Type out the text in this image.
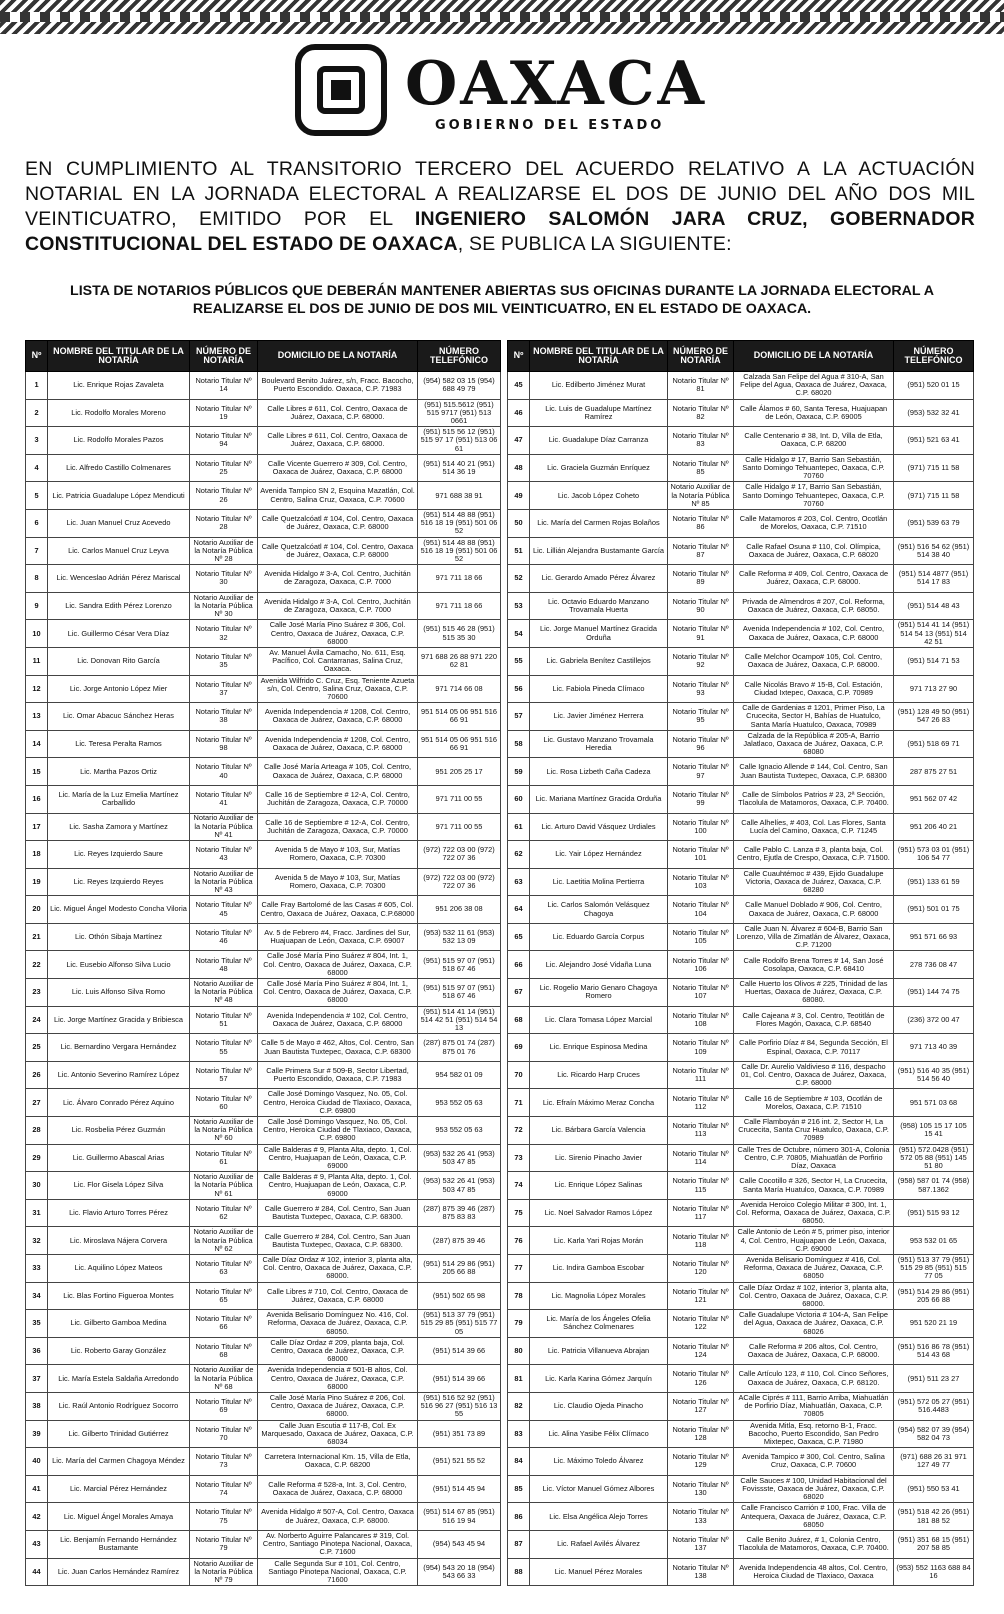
OAXACA
GOBIERNO DEL ESTADO
EN CUMPLIMIENTO AL TRANSITORIO TERCERO DEL ACUERDO RELATIVO A LA ACTUACIÓN NOTARIAL EN LA JORNADA ELECTORAL A REALIZARSE EL DOS DE JUNIO DEL AÑO DOS MIL VEINTICUATRO, EMITIDO POR EL INGENIERO SALOMÓN JARA CRUZ, GOBERNADOR CONSTITUCIONAL DEL ESTADO DE OAXACA, SE PUBLICA LA SIGUIENTE:
LISTA DE NOTARIOS PÚBLICOS QUE DEBERÁN MANTENER ABIERTAS SUS OFICINAS DURANTE LA JORNADA ELECTORAL A REALIZARSE EL DOS DE JUNIO DE DOS MIL VEINTICUATRO, EN EL ESTADO DE OAXACA.
Nº	NOMBRE DEL TITULAR DE LA NOTARÍA	NÚMERO DE NOTARÍA	DOMICILIO DE LA NOTARÍA	NÚMERO TELEFÓNICO
1	Lic. Enrique Rojas Zavaleta	Notario Titular Nº 14	Boulevard Benito Juárez, s/n, Fracc. Bacocho, Puerto Escondido. Oaxaca, C.P. 71983	(954) 582 03 15 (954) 688 49 79
2	Lic. Rodolfo Morales Moreno	Notario Titular Nº 19	Calle Libres # 611, Col. Centro, Oaxaca de Juárez, Oaxaca, C.P. 68000.	(951) 515.5612 (951) 515 9717 (951) 513 0661
3	Lic. Rodolfo Morales Pazos	Notario Titular Nº 94	Calle Libres # 611, Col. Centro, Oaxaca de Juárez, Oaxaca, C.P. 68000.	(951) 515 56 12 (951) 515 97 17 (951) 513 06 61
4	Lic. Alfredo Castillo Colmenares	Notario Titular Nº 25	Calle Vicente Guerrero # 309, Col. Centro, Oaxaca de Juárez, Oaxaca, C.P. 68000	(951) 514 40 21 (951) 514 36 19
5	Lic. Patricia Guadalupe López Mendicuti	Notario Titular Nº 26	Avenida Tampico SN 2, Esquina Mazatlán, Col. Centro, Salina Cruz, Oaxaca, C.P. 70600	971 688 38 91
6	Lic. Juan Manuel Cruz Acevedo	Notario Titular Nº 28	Calle Quetzalcóatl # 104, Col. Centro, Oaxaca de Juárez, Oaxaca, C.P. 68000	(951) 514 48 88 (951) 516 18 19 (951) 501 06 52
7	Lic. Carlos Manuel Cruz Leyva	Notario Auxiliar de la Notaría Pública Nº 28	Calle Quetzalcóatl # 104, Col. Centro, Oaxaca de Juárez, Oaxaca, C.P. 68000	(951) 514 48 88 (951) 516 18 19 (951) 501 06 52
8	Lic. Wenceslao Adrián Pérez Mariscal	Notario Titular Nº 30	Avenida Hidalgo # 3-A, Col. Centro, Juchitán de Zaragoza, Oaxaca, C.P. 7000	971 711 18 66
9	Lic. Sandra Edith Pérez Lorenzo	Notario Auxiliar de la Notaría Pública Nº 30	Avenida Hidalgo # 3-A, Col. Centro, Juchitán de Zaragoza, Oaxaca, C.P. 7000	971 711 18 66
10	Lic. Guillermo César Vera Díaz	Notario Titular Nº 32	Calle José María Pino Suárez # 306, Col. Centro, Oaxaca de Juárez, Oaxaca, C.P. 68000	(951) 515 46 28 (951) 515 35 30
11	Lic. Donovan Rito García	Notario Titular Nº 35	Av. Manuel Ávila Camacho, No. 611, Esq. Pacífico, Col. Cantarranas, Salina Cruz, Oaxaca.	971 688 26 88 971 220 62 81
12	Lic. Jorge Antonio López Mier	Notario Titular Nº 37	Avenida Wilfrido C. Cruz, Esq. Teniente Azueta s/n, Col. Centro, Salina Cruz, Oaxaca, C.P. 70600	971 714 66 08
13	Lic. Omar Abacuc Sánchez Heras	Notario Titular Nº 38	Avenida Independencia # 1208, Col. Centro, Oaxaca de Juárez, Oaxaca, C.P. 68000	951 514 05 06 951 516 66 91
14	Lic. Teresa Peralta Ramos	Notario Titular Nº 98	Avenida Independencia # 1208, Col. Centro, Oaxaca de Juárez, Oaxaca, C.P. 68000	951 514 05 06 951 516 66 91
15	Lic. Martha Pazos Ortiz	Notario Titular Nº 40	Calle José María Arteaga # 105, Col. Centro, Oaxaca de Juárez, Oaxaca, C.P. 68000	951 205 25 17
16	Lic. María de la Luz Emelia Martínez Carballido	Notario Titular Nº 41	Calle 16 de Septiembre # 12-A, Col. Centro, Juchitán de Zaragoza, Oaxaca, C.P. 70000	971 711 00 55
17	Lic. Sasha Zamora y Martínez	Notario Auxiliar de la Notaría Pública Nº 41	Calle 16 de Septiembre # 12-A, Col. Centro, Juchitán de Zaragoza, Oaxaca, C.P. 70000	971 711 00 55
18	Lic. Reyes Izquierdo Saure	Notario Titular Nº 43	Avenida 5 de Mayo # 103, Sur, Matías Romero, Oaxaca, C.P. 70300	(972) 722 03 00 (972) 722 07 36
19	Lic. Reyes Izquierdo Reyes	Notario Auxiliar de la Notaría Pública Nº 43	Avenida 5 de Mayo # 103, Sur, Matías Romero, Oaxaca, C.P. 70300	(972) 722 03 00 (972) 722 07 36
20	Lic. Miguel Ángel Modesto Concha Viloria	Notario Titular Nº 45	Calle Fray Bartolomé de las Casas # 605, Col. Centro, Oaxaca de Juárez, Oaxaca, C.P.68000	951 206 38 08
21	Lic. Othón Sibaja Martínez	Notario Titular Nº 46	Av. 5 de Febrero #4, Fracc. Jardines del Sur, Huajuapan de León, Oaxaca, C.P. 69007	(953) 532 11 61 (953) 532 13 09
22	Lic. Eusebio Alfonso Silva Lucio	Notario Titular Nº 48	Calle José María Pino Suárez # 804, Int. 1, Col. Centro, Oaxaca de Juárez, Oaxaca, C.P. 68000	(951) 515 97 07 (951) 518 67 46
23	Lic. Luis Alfonso Silva Romo	Notario Auxiliar de la Notaría Pública Nº 48	Calle José María Pino Suárez # 804, Int. 1, Col. Centro, Oaxaca de Juárez, Oaxaca, C.P. 68000	(951) 515 97 07 (951) 518 67 46
24	Lic. Jorge Martínez Gracida y Bribiesca	Notario Titular Nº 51	Avenida Independencia # 102, Col. Centro, Oaxaca de Juárez, Oaxaca, C.P. 68000	(951) 514 41 14 (951) 514 42 51 (951) 514 54 13
25	Lic. Bernardino Vergara Hernández	Notario Titular Nº 55	Calle 5 de Mayo # 462, Altos, Col. Centro, San Juan Bautista Tuxtepec, Oaxaca, C.P. 68300	(287) 875 01 74 (287) 875 01 76
26	Lic. Antonio Severino Ramírez López	Notario Titular Nº 57	Calle Primera Sur # 509-B, Sector Libertad, Puerto Escondido, Oaxaca, C.P. 71983	954 582 01 09
27	Lic. Álvaro Conrado Pérez Aquino	Notario Titular Nº 60	Calle José Domingo Vasquez, No. 05, Col. Centro, Heroica Ciudad de Tlaxiaco, Oaxaca, C.P. 69800	953 552 05 63
28	Lic. Rosbelia Pérez Guzmán	Notario Auxiliar de la Notaría Pública Nº 60	Calle José Domingo Vasquez, No. 05, Col. Centro, Heroica Ciudad de Tlaxiaco, Oaxaca, C.P. 69800	953 552 05 63
29	Lic. Guillermo Abascal Arias	Notario Titular Nº 61	Calle Balderas # 9, Planta Alta, depto. 1, Col. Centro, Huajuapan de León, Oaxaca, C.P. 69000	(953) 532 26 41 (953) 503 47 85
30	Lic. Flor Gisela López Silva	Notario Auxiliar de la Notaría Pública Nº 61	Calle Balderas # 9, Planta Alta, depto. 1, Col. Centro, Huajuapan de León, Oaxaca, C.P. 69000	(953) 532 26 41 (953) 503 47 85
31	Lic. Flavio Arturo Torres Pérez	Notario Titular Nº 62	Calle Guerrero # 284, Col. Centro, San Juan Bautista Tuxtepec, Oaxaca, C.P. 68300.	(287) 875 39 46 (287) 875 83 83
32	Lic. Miroslava Nájera Corvera	Notario Auxiliar de la Notaría Pública Nº 62	Calle Guerrero # 284, Col. Centro, San Juan Bautista Tuxtepec, Oaxaca, C.P. 68300.	(287) 875 39 46
33	Lic. Aquilino López Mateos	Notario Titular Nº 63	Calle Díaz Ordaz # 102, interior 3, planta alta, Col. Centro, Oaxaca de Juárez, Oaxaca, C.P. 68000.	(951) 514 29 86 (951) 205 66 88
34	Lic. Blas Fortino Figueroa Montes	Notario Titular Nº 65	Calle Libres # 710, Col. Centro, Oaxaca de Juárez, Oaxaca, C.P. 68000	(951) 502 65 98
35	Lic. Gilberto Gamboa Medina	Notario Titular Nº 66	Avenida Belisario Domínguez No. 416, Col. Reforma, Oaxaca de Juárez, Oaxaca, C.P. 68050.	(951) 513 37 79 (951) 515 29 85 (951) 515 77 05
36	Lic. Roberto Garay González	Notario Titular Nº 68	Calle Díaz Ordaz # 209, planta baja, Col. Centro, Oaxaca de Juárez, Oaxaca, C.P. 68000	(951) 514 39 66
37	Lic. María Estela Saldaña Arredondo	Notario Auxiliar de la Notaría Pública Nº 68	Avenida Independencia # 501-B altos, Col. Centro, Oaxaca de Juárez, Oaxaca, C.P. 68000	(951) 514 39 66
38	Lic. Raúl Antonio Rodríguez Socorro	Notario Titular Nº 69	Calle José María Pino Suárez # 206, Col. Centro, Oaxaca de Juárez, Oaxaca, C.P. 68000.	(951) 516 52 92 (951) 516 96 27 (951) 516 13 55
39	Lic. Gilberto Trinidad Gutiérrez	Notario Titular Nº 70	Calle Juan Escutia # 117-B, Col. Ex Marquesado, Oaxaca de Juárez, Oaxaca, C.P. 68034	(951) 351 73 89
40	Lic. María del Carmen Chagoya Méndez	Notario Titular Nº 73	Carretera Internacional Km. 15, Villa de Etla, Oaxaca, C.P. 68200	(951) 521 55 52
41	Lic. Marcial Pérez Hernández	Notario Titular Nº 74	Calle Reforma # 528-a, Int. 3, Col. Centro, Oaxaca de Juárez, Oaxaca, C.P. 68000	(951) 514 45 94
42	Lic. Miguel Ángel Morales Amaya	Notario Titular Nº 75	Avenida Hidalgo # 507-A, Col. Centro, Oaxaca de Juárez, Oaxaca, C.P. 68000.	(951) 514 67 85 (951) 516 19 94
43	Lic. Benjamín Fernando Hernández Bustamante	Notario Titular Nº 79	Av. Norberto Aguirre Palancares # 319, Col. Centro, Santiago Pinotepa Nacional, Oaxaca, C.P. 71600	(954) 543 45 94
44	Lic. Juan Carlos Hernández Ramírez	Notario Auxiliar de la Notaría Pública Nº 79	Calle Segunda Sur # 101, Col. Centro, Santiago Pinotepa Nacional, Oaxaca, C.P. 71600	(954) 543 20 18 (954) 543 66 33
Nº	NOMBRE DEL TITULAR DE LA NOTARÍA	NÚMERO DE NOTARÍA	DOMICILIO DE LA NOTARÍA	NÚMERO TELEFÓNICO
45	Lic. Edilberto Jiménez Murat	Notario Titular Nº 81	Calzada San Felipe del Agua # 310-A, San Felipe del Agua, Oaxaca de Juárez, Oaxaca, C.P. 68020	(951) 520 01 15
46	Lic. Luis de Guadalupe Martínez Ramírez	Notario Titular Nº 82	Calle Álamos # 60, Santa Teresa, Huajuapan de León, Oaxaca, C.P. 69005	(953) 532 32 41
47	Lic. Guadalupe Díaz Carranza	Notario Titular Nº 83	Calle Centenario # 38, Int. D, Villa de Etla, Oaxaca, C.P. 68200	(951) 521 63 41
48	Lic. Graciela Guzmán Enríquez	Notario Titular Nº 85	Calle Hidalgo # 17, Barrio San Sebastián, Santo Domingo Tehuantepec, Oaxaca, C.P. 70760	(971) 715 11 58
49	Lic. Jacob López Coheto	Notario Auxiliar de la Notaría Pública Nº 85	Calle Hidalgo # 17, Barrio San Sebastián, Santo Domingo Tehuantepec, Oaxaca, C.P. 70760	(971) 715 11 58
50	Lic. María del Carmen Rojas Bolaños	Notario Titular Nº 86	Calle Matamoros # 203, Col. Centro, Ocotlán de Morelos, Oaxaca, C.P. 71510	(951) 539 63 79
51	Lic. Lillián Alejandra Bustamante García	Notario Titular Nº 87	Calle Rafael Osuna # 110, Col. Olímpica, Oaxaca de Juárez, Oaxaca, C.P. 68020	(951) 516 54 62 (951) 514 38 40
52	Lic. Gerardo Amado Pérez Álvarez	Notario Titular Nº 89	Calle Reforma # 409, Col. Centro, Oaxaca de Juárez, Oaxaca, C.P. 68000.	(951) 514 4877 (951) 514 17 83
53	Lic. Octavio Eduardo Manzano Trovamala Huerta	Notario Titular Nº 90	Privada de Almendros # 207, Col. Reforma, Oaxaca de Juárez, Oaxaca, C.P. 68050.	(951) 514 48 43
54	Lic. Jorge Manuel Martínez Gracida Orduña	Notario Titular Nº 91	Avenida Independencia # 102, Col. Centro, Oaxaca de Juárez, Oaxaca, C.P. 68000	(951) 514 41 14 (951) 514 54 13 (951) 514 42 51
55	Lic. Gabriela Benítez Castillejos	Notario Titular Nº 92	Calle Melchor Ocampo# 105, Col. Centro, Oaxaca de Juárez, Oaxaca, C.P. 68000.	(951) 514 71 53
56	Lic. Fabiola Pineda Clímaco	Notario Titular Nº 93	Calle Nicolás Bravo # 15-B, Col. Estación, Ciudad Ixtepec, Oaxaca, C.P. 70989	971 713 27 90
57	Lic. Javier Jiménez Herrera	Notario Titular Nº 95	Calle de Gardenias # 1201, Primer Piso, La Crucecita, Sector H, Bahías de Huatulco, Santa María Huatulco, Oaxaca, 70989	(951) 128 49 50 (951) 547 26 83
58	Lic. Gustavo Manzano Trovamala Heredia	Notario Titular Nº 96	Calzada de la República # 205-A, Barrio Jalatlaco, Oaxaca de Juárez, Oaxaca, C.P. 68080	(951) 518 69 71
59	Lic. Rosa Lizbeth Caña Cadeza	Notario Titular Nº 97	Calle Ignacio Allende # 144, Col. Centro, San Juan Bautista Tuxtepec, Oaxaca, C.P. 68300	287 875 27 51
60	Lic. Mariana Martínez Gracida Orduña	Notario Titular Nº 99	Calle de Símbolos Patrios # 23, 2ª Sección, Tlacolula de Matamoros, Oaxaca, C.P. 70400.	951 562 07 42
61	Lic. Arturo David Vásquez Urdiales	Notario Titular Nº 100	Calle Alhelíes, # 403, Col. Las Flores, Santa Lucía del Camino, Oaxaca, C.P. 71245	951 206 40 21
62	Lic. Yair López Hernández	Notario Titular Nº 101	Calle Pablo C. Lanza # 3, planta baja, Col. Centro, Ejutla de Crespo, Oaxaca, C.P. 71500.	(951) 573 03 01 (951) 106 54 77
63	Lic. Laetitia Molina Pertierra	Notario Titular Nº 103	Calle Cuauhtémoc # 439, Ejido Guadalupe Victoria, Oaxaca de Juárez, Oaxaca, C.P. 68280	(951) 133 61 59
64	Lic. Carlos Salomón Velásquez Chagoya	Notario Titular Nº 104	Calle Manuel Doblado # 906, Col. Centro, Oaxaca de Juárez, Oaxaca, C.P. 68000	(951) 501 01 75
65	Lic. Eduardo García Corpus	Notario Titular Nº 105	Calle Juan N. Álvarez # 604-B, Barrio San Lorenzo, Villa de Zimatlán de Álvarez, Oaxaca, C.P. 71200	951 571 66 93
66	Lic. Alejandro José Vidaña Luna	Notario Titular Nº 106	Calle Rodolfo Brena Torres # 14, San José Cosolapa, Oaxaca, C.P. 68410	278 736 08 47
67	Lic. Rogelio Mario Genaro Chagoya Romero	Notario Titular Nº 107	Calle Huerto los Olivos # 225, Trinidad de las Huertas, Oaxaca de Juárez, Oaxaca, C.P. 68080.	(951) 144 74 75
68	Lic. Clara Tomasa López Marcial	Notario Titular Nº 108	Calle Cajeana # 3, Col. Centro, Teotitlán de Flores Magón, Oaxaca, C.P. 68540	(236) 372 00 47
69	Lic. Enrique Espinosa Medina	Notario Titular Nº 109	Calle Porfirio Díaz # 84, Segunda Sección, El Espinal, Oaxaca, C.P. 70117	971 713 40 39
70	Lic. Ricardo Harp Cruces	Notario Titular Nº 111	Calle Dr. Aurelio Valdivieso # 116, despacho 01, Col. Centro, Oaxaca de Juárez, Oaxaca, C.P. 68000	(951) 516 40 35 (951) 514 56 40
71	Lic. Efraín Máximo Meraz Concha	Notario Titular Nº 112	Calle 16 de Septiembre # 103, Ocotlán de Morelos, Oaxaca, C.P. 71510	951 571 03 68
72	Lic. Bárbara García Valencia	Notario Titular Nº 113	Calle Flamboyán # 216 int. 2, Sector H, La Crucecita, Santa Cruz Huatulco, Oaxaca, C.P. 70989	(958) 105 15 17 105 15 41
73	Lic. Sirenio Pinacho Javier	Notario Titular Nº 114	Calle Tres de Octubre, número 301-A, Colonia Centro, C.P. 70805, Miahuatlán de Porfirio Díaz, Oaxaca	(951) 572.0428 (951) 572 05 88 (951) 145 51 80
74	Lic. Enrique López Salinas	Notario Titular Nº 115	Calle Cocotillo # 326, Sector H, La Crucecita, Santa María Huatulco, Oaxaca, C.P. 70989	(958) 587 01 74 (958) 587.1362
75	Lic. Noel Salvador Ramos López	Notario Titular Nº 117	Avenida Heroico Colegio Militar # 300, Int. 1, Col. Reforma, Oaxaca de Juárez, Oaxaca, C.P. 68050.	(951) 515 93 12
76	Lic. Karla Yari Rojas Morán	Notario Titular Nº 118	Calle Antonio de León # 5, primer piso, interior 4, Col. Centro, Huajuapan de León, Oaxaca, C.P. 69000	953 532 01 65
77	Lic. Indira Gamboa Escobar	Notario Titular Nº 120	Avenida Belisario Domínguez # 416, Col. Reforma, Oaxaca de Juárez, Oaxaca, C.P. 68050	(951) 513 37 79 (951) 515 29 85 (951) 515 77 05
78	Lic. Magnolia López Morales	Notario Titular Nº 121	Calle Díaz Ordaz # 102, interior 3, planta alta, Col. Centro, Oaxaca de Juárez, Oaxaca, C.P. 68000.	(951) 514 29 86 (951) 205 66 88
79	Lic. María de los Ángeles Ofelia Sánchez Colmenares	Notario Titular Nº 122	Calle Guadalupe Victoria # 104-A, San Felipe del Agua, Oaxaca de Juárez, Oaxaca, C.P. 68026	951 520 21 19
80	Lic. Patricia Villanueva Abrajan	Notario Titular Nº 124	Calle Reforma # 206 altos, Col. Centro, Oaxaca de Juárez, Oaxaca, C.P. 68000.	(951) 516 86 78 (951) 514 43 68
81	Lic. Karla Karina Gómez Jarquín	Notario Titular Nº 126	Calle Artículo 123, # 110, Col. Cinco Señores, Oaxaca de Juárez, Oaxaca, C.P. 68120.	(951) 511 23 27
82	Lic. Claudio Ojeda Pinacho	Notario Titular Nº 127	ACalle Ciprés # 111, Barrio Arriba, Miahuatlán de Porfirio Díaz, Miahuatlán, Oaxaca, C.P. 70805	(951) 572 05 27 (951) 516.4483
83	Lic. Alina Yasibe Félix Clímaco	Notario Titular Nº 128	Avenida Mitla, Esq. retorno B-1, Fracc. Bacocho, Puerto Escondido, San Pedro Mixtepec, Oaxaca, C.P. 71980	(954) 582 07 39 (954) 582 04 73
84	Lic. Máximo Toledo Álvarez	Notario Titular Nº 129	Avenida Tampico # 300, Col. Centro, Salina Cruz, Oaxaca, C.P. 70600	(971) 688 26 31 971 127 49 77
85	Lic. Víctor Manuel Gómez Albores	Notario Titular Nº 130	Calle Sauces # 100, Unidad Habitacional del Fovissste, Oaxaca de Juárez, Oaxaca, C.P. 68020	(951) 550 53 41
86	Lic. Elsa Angélica Alejo Torres	Notario Titular Nº 133	Calle Francisco Carrión # 100, Frac. Villa de Antequera, Oaxaca de Juárez, Oaxaca, C.P. 68050	(951) 518 42 26 (951) 181 88 52
87	Lic. Rafael Avilés Álvarez	Notario Titular Nº 137	Calle Benito Juárez, # 1, Colonia Centro, Tlacolula de Matamoros, Oaxaca, C.P. 70400.	(951) 351 68 15 (951) 207 58 85
88	Lic. Manuel Pérez Morales	Notario Titular Nº 138	Avenida Independencia 48 altos, Col. Centro, Heroica Ciudad de Tlaxiaco, Oaxaca	(953) 552 1163 688 84 16
